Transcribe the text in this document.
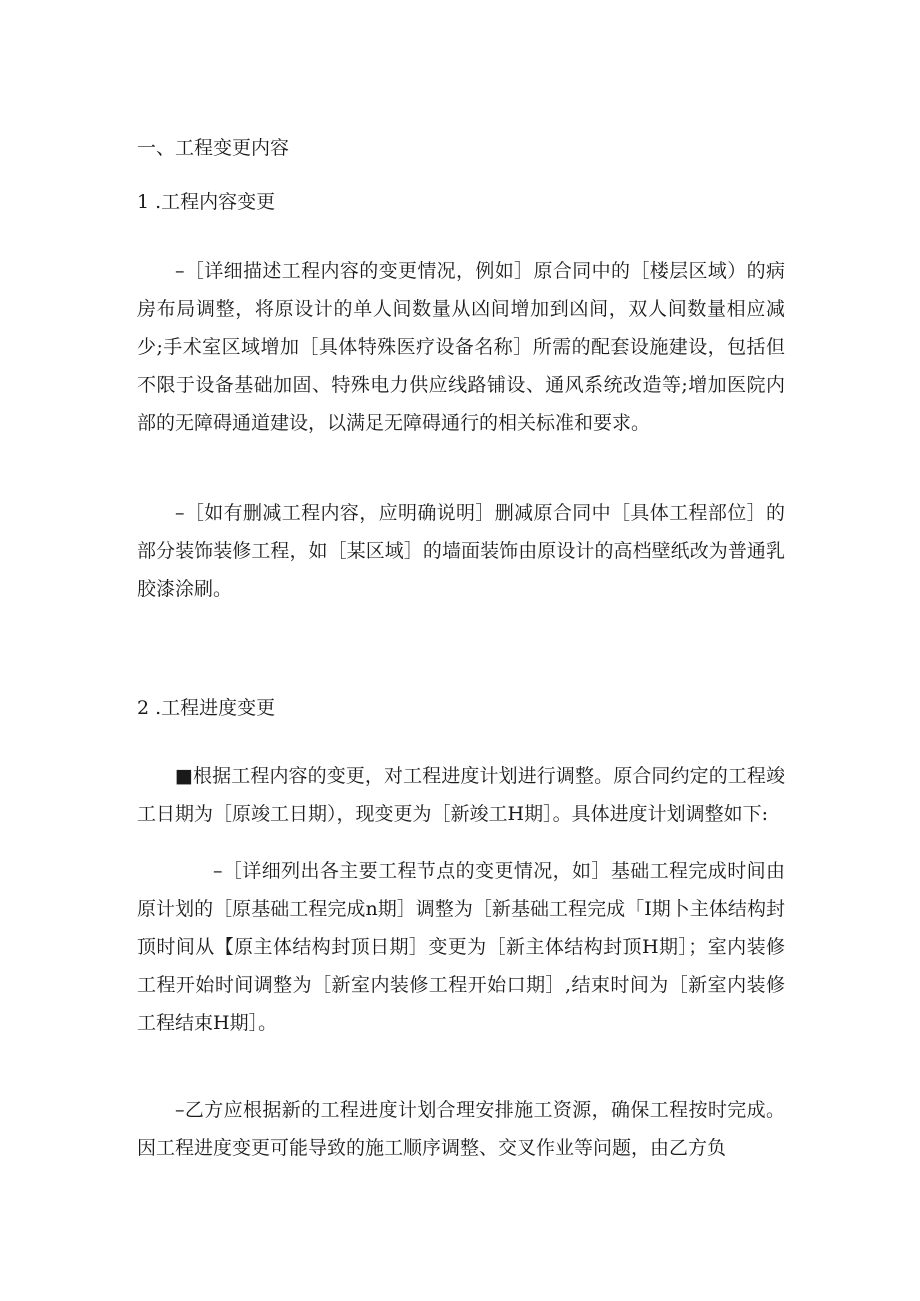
一、工程变更内容
1 .工程内容变更

–［详细描述工程内容的变更情况，例如］原合同中的［楼层区域）的病房布局调整，将原设计的单人间数量从凶间增加到凶间，双人间数量相应减少;手术室区域增加［具体特殊医疗设备名称］所需的配套设施建设，包括但不限于设备基础加固、特殊电力供应线路铺设、通风系统改造等;增加医院内部的无障碍通道建设，以满足无障碍通行的相关标准和要求。

–［如有删减工程内容，应明确说明］删减原合同中［具体工程部位］的部分装饰装修工程，如［某区域］的墙面装饰由原设计的高档壁纸改为普通乳胶漆涂刷。

2 .工程进度变更

■根据工程内容的变更，对工程进度计划进行调整。原合同约定的工程竣工日期为［原竣工日期），现变更为［新竣工H期］。具体进度计划调整如下:

–［详细列出各主要工程节点的变更情况，如］基础工程完成时间由原计划的［原基础工程完成n期］调整为［新基础工程完成「I期卜主体结构封顶时间从【原主体结构封顶日期］变更为［新主体结构封顶H期］；室内装修工程开始时间调整为［新室内装修工程开始口期］,结束时间为［新室内装修工程结束H期］。

–乙方应根据新的工程进度计划合理安排施工资源，确保工程按时完成。因工程进度变更可能导致的施工顺序调整、交叉作业等问题，由乙方负
